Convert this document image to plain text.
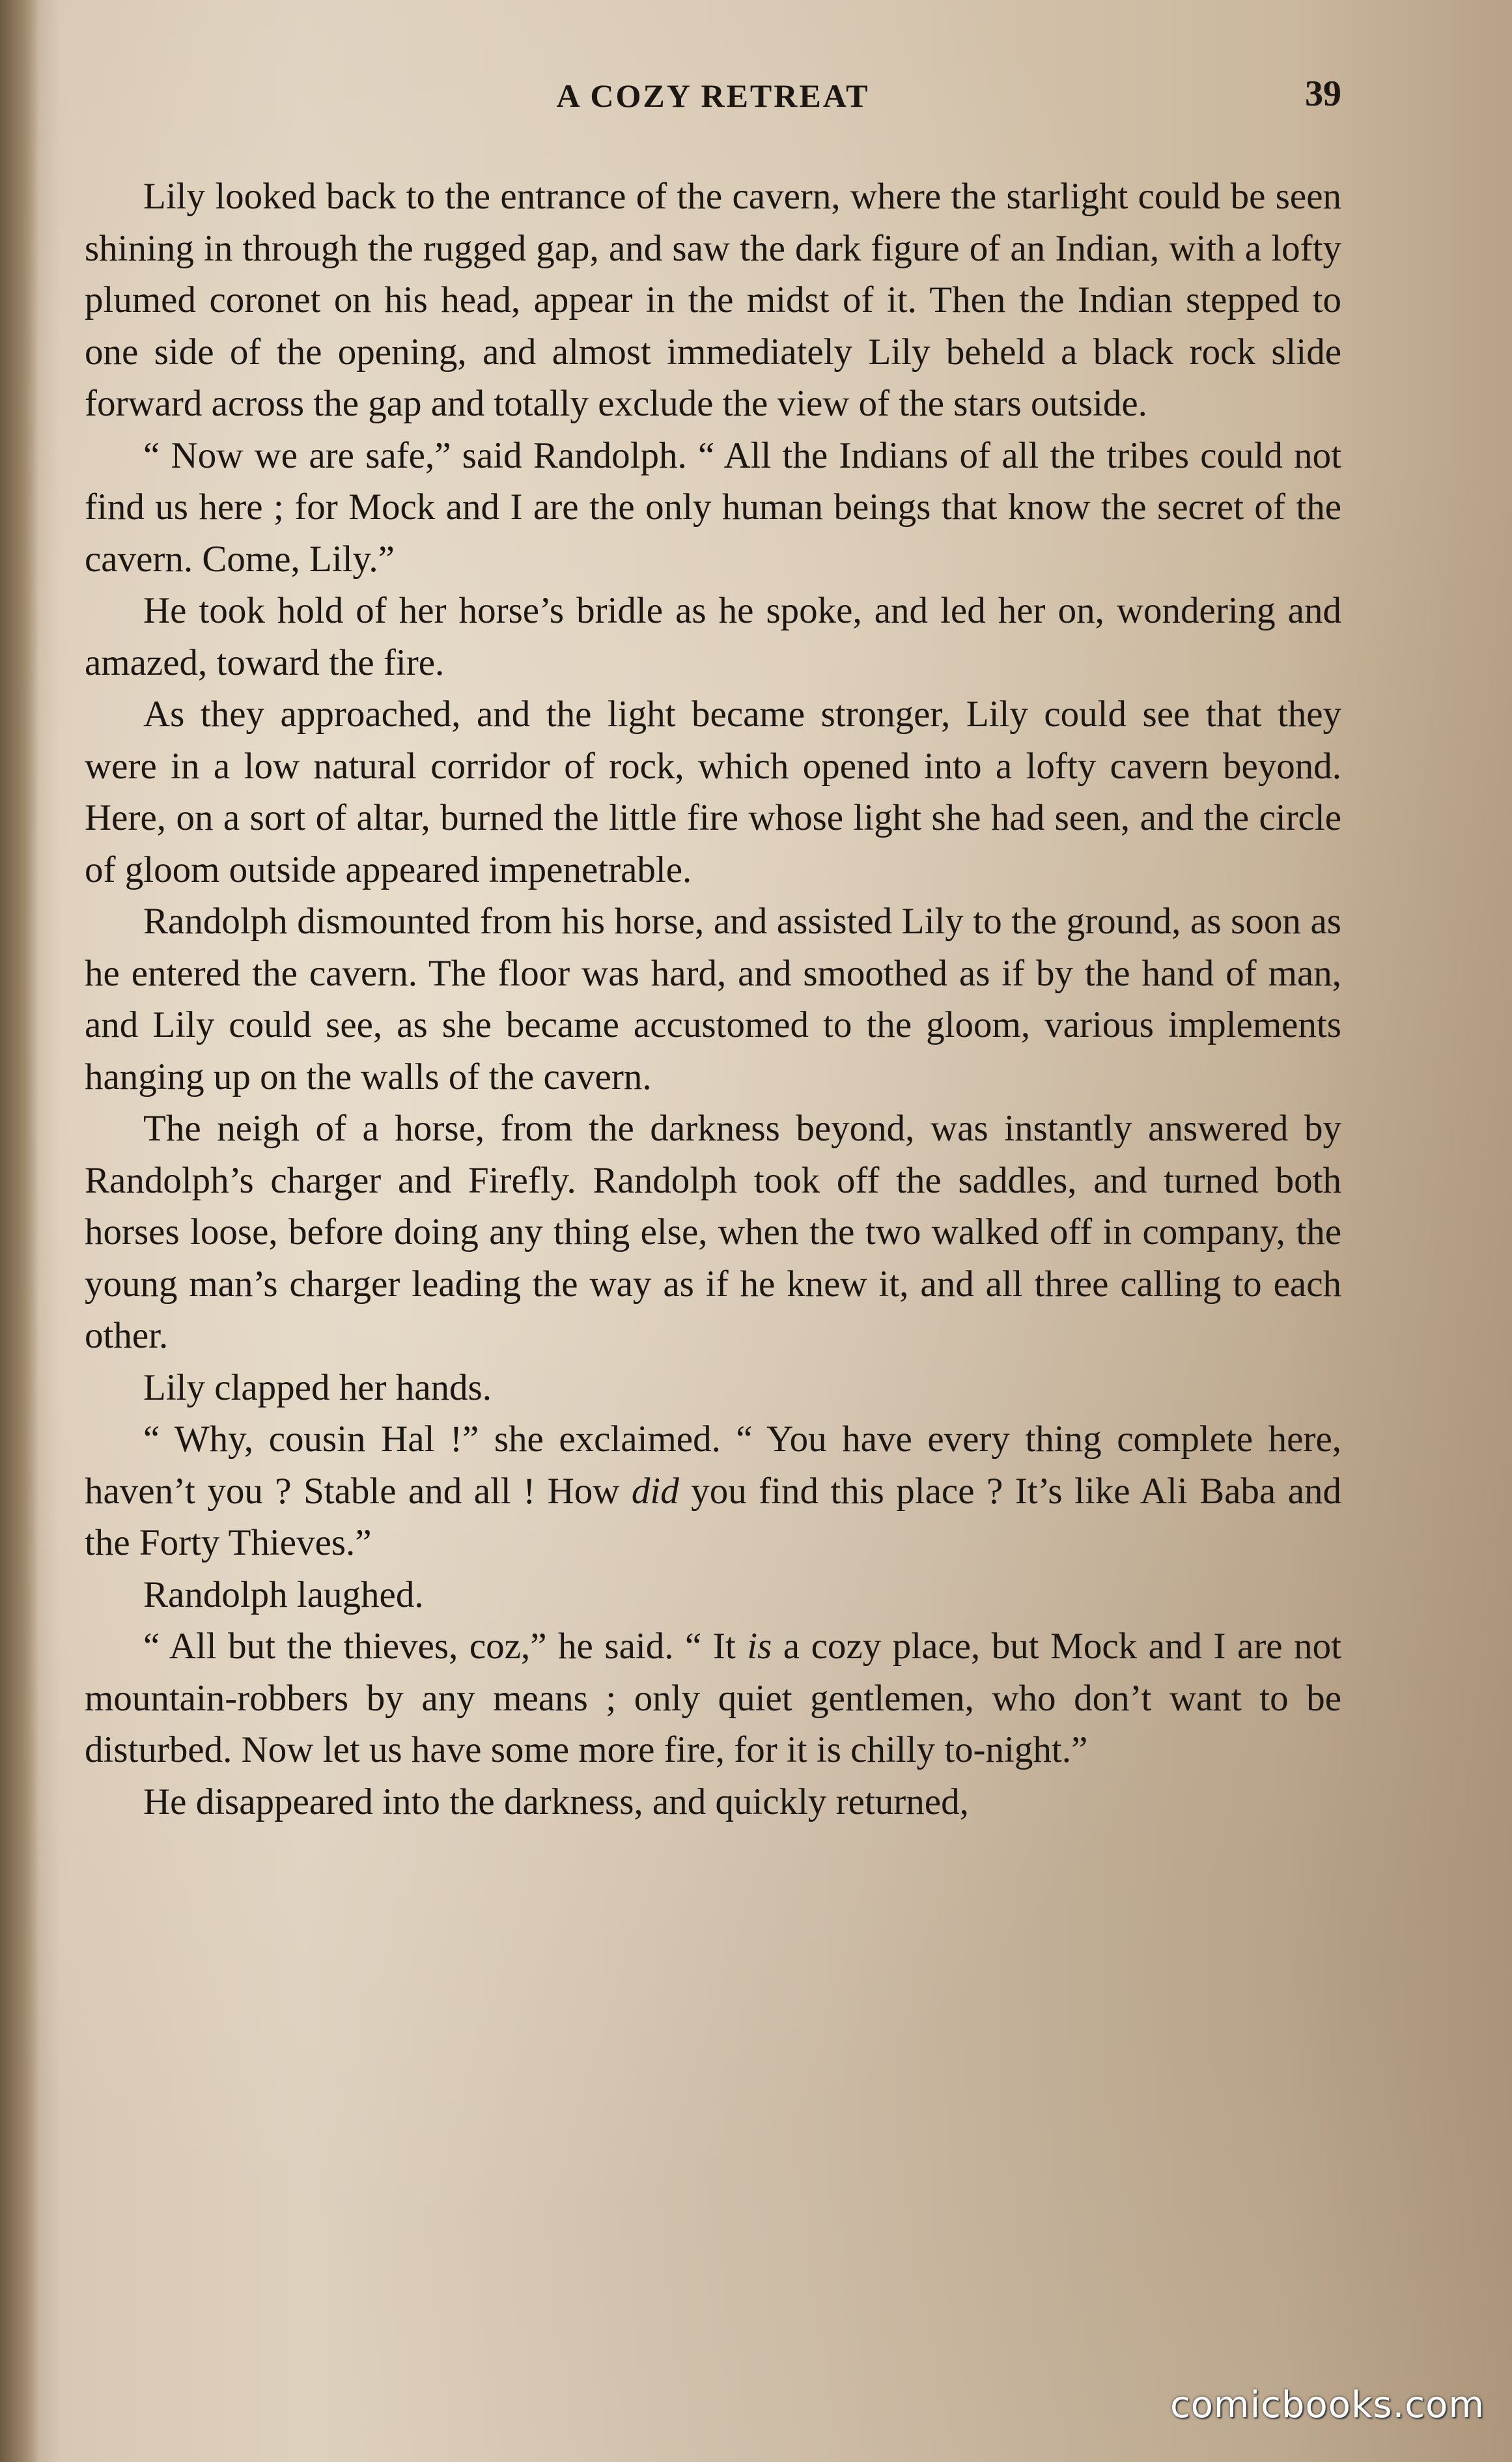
A COZY RETREAT	39

Lily looked back to the entrance of the cavern, where the starlight could be seen shining in through the rugged gap, and saw the dark figure of an Indian, with a lofty plumed coronet on his head, appear in the midst of it. Then the Indian stepped to one side of the opening, and almost immediately Lily beheld a black rock slide forward across the gap and totally exclude the view of the stars outside.

“ Now we are safe,” said Randolph. “ All the Indians of all the tribes could not find us here ; for Mock and I are the only human beings that know the secret of the cavern. Come, Lily.”

He took hold of her horse’s bridle as he spoke, and led her on, wondering and amazed, toward the fire.

As they approached, and the light became stronger, Lily could see that they were in a low natural corridor of rock, which opened into a lofty cavern beyond. Here, on a sort of altar, burned the little fire whose light she had seen, and the circle of gloom outside appeared impenetrable.

Randolph dismounted from his horse, and assisted Lily to the ground, as soon as he entered the cavern. The floor was hard, and smoothed as if by the hand of man, and Lily could see, as she became accustomed to the gloom, various implements hanging up on the walls of the cavern.

The neigh of a horse, from the darkness beyond, was instantly answered by Randolph’s charger and Firefly. Randolph took off the saddles, and turned both horses loose, before doing any thing else, when the two walked off in company, the young man’s charger leading the way as if he knew it, and all three calling to each other.

Lily clapped her hands.

“ Why, cousin Hal !” she exclaimed. “ You have every thing complete here, haven’t you ? Stable and all ! How did you find this place ? It’s like Ali Baba and the Forty Thieves.”

Randolph laughed.

“ All but the thieves, coz,” he said. “ It is a cozy place, but Mock and I are not mountain-robbers by any means ; only quiet gentlemen, who don’t want to be disturbed. Now let us have some more fire, for it is chilly to-night.”

He disappeared into the darkness, and quickly returned,

comicbooks.com
